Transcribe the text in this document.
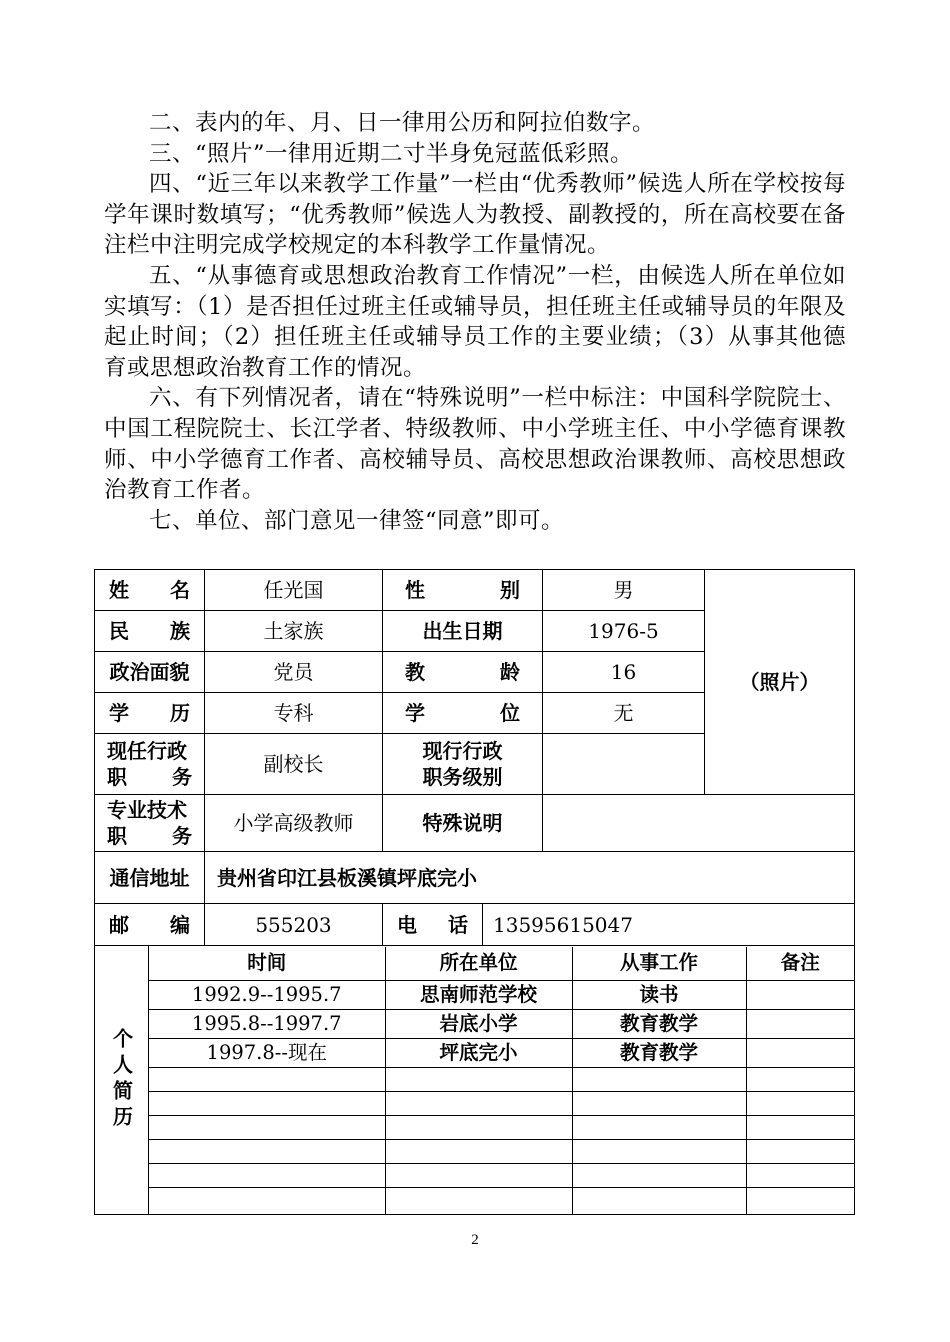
二、表内的年、月、日一律用公历和阿拉伯数字。

三、“照片”一律用近期二寸半身免冠蓝低彩照。

四、“近三年以来教学工作量”一栏由“优秀教师”候选人所在学校按每学年课时数填写；“优秀教师”候选人为教授、副教授的，所在高校要在备注栏中注明完成学校规定的本科教学工作量情况。

五、“从事德育或思想政治教育工作情况”一栏，由候选人所在单位如实填写：（1）是否担任过班主任或辅导员，担任班主任或辅导员的年限及起止时间；（2）担任班主任或辅导员工作的主要业绩；（3）从事其他德育或思想政治教育工作的情况。

六、有下列情况者，请在“特殊说明”一栏中标注：中国科学院院士、中国工程院院士、长江学者、特级教师、中小学班主任、中小学德育课教师、中小学德育工作者、高校辅导员、高校思想政治课教师、高校思想政治教育工作者。

七、单位、部门意见一律签“同意”即可。

姓 名	任光国	性	别	男	（照片）

民 族	土家族	出生日期	1976-5
政治面貌	党员	教	龄	16

学 历	专科	学	位	无

现任行政
职 务
	副校长	
现行行政
职务级别

专业技术
职 务
	小学高级教师	特殊说明	
通信地址	贵州省印江县板溪镇坪底完小

邮 编	555203	电 话	13595615047

个人简历

时间	所在单位	从事工作	备注
1992.9--1995.7	思南师范学校	读书	
1995.8--1997.7	岩底小学	教育教学	
1997.8--现在	坪底完小	教育教学	

2
